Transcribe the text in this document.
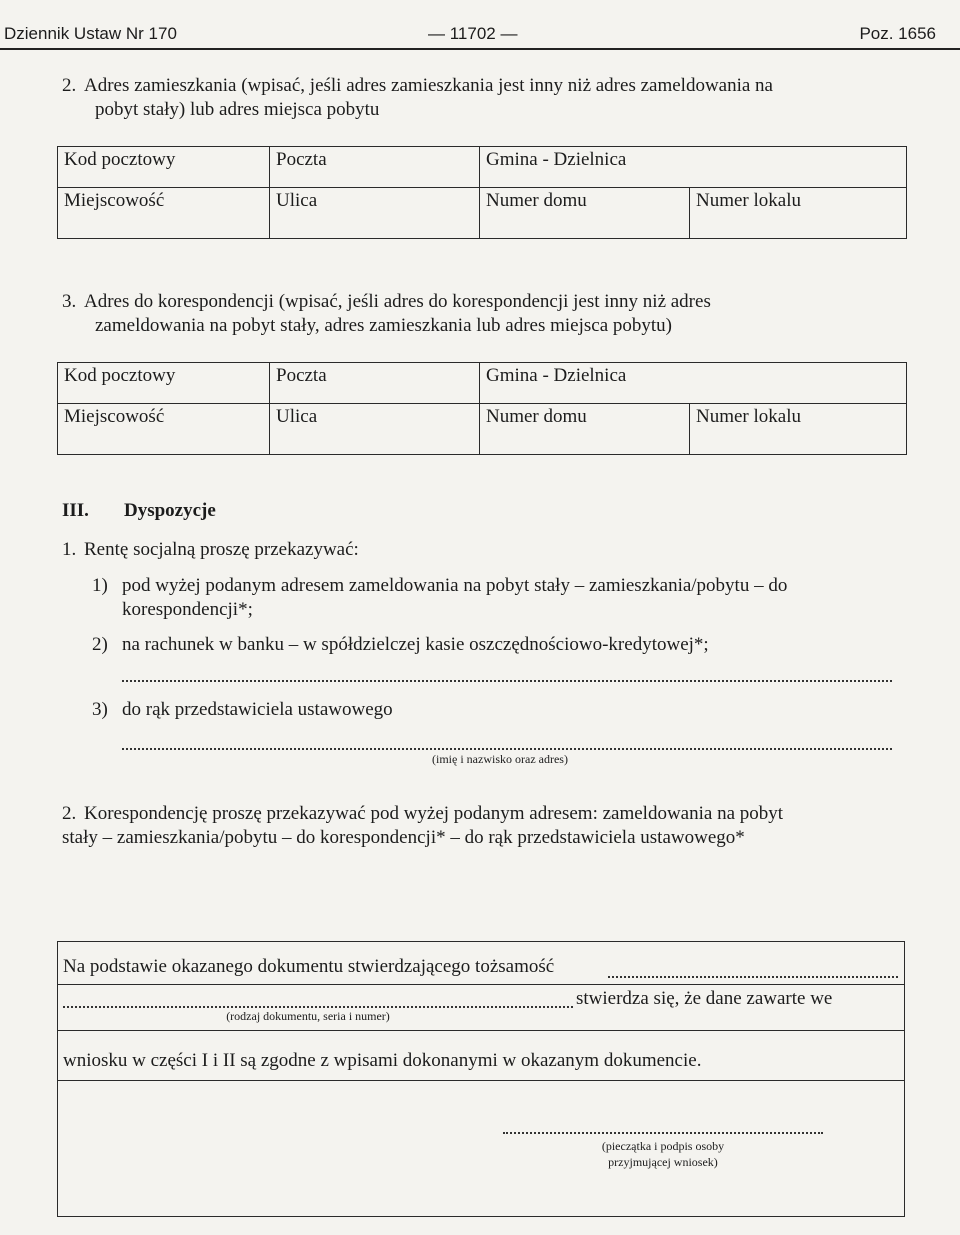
Dziennik Ustaw Nr 170	— 11702 —	Poz. 1656
2. Adres zamieszkania (wpisać, jeśli adres zamieszkania jest inny niż adres zameldowania na
pobyt stały) lub adres miejsca pobytu
Kod pocztowy	Poczta	Gmina - Dzielnica	
Miejscowość	Ulica	Numer domu	Numer lokalu
3. Adres do korespondencji (wpisać, jeśli adres do korespondencji jest inny niż adres
zameldowania na pobyt stały, adres zamieszkania lub adres miejsca pobytu)
Kod pocztowy	Poczta	Gmina - Dzielnica	
Miejscowość	Ulica	Numer domu	Numer lokalu
III. Dyspozycje
1. Rentę socjalną proszę przekazywać:
1) pod wyżej podanym adresem zameldowania na pobyt stały – zamieszkania/pobytu – do
korespondencji*;
2) na rachunek w banku – w spółdzielczej kasie oszczędnościowo-kredytowej*;
3) do rąk przedstawiciela ustawowego
(imię i nazwisko oraz adres)
2. Korespondencję proszę przekazywać pod wyżej podanym adresem: zameldowania na pobyt
stały – zamieszkania/pobytu – do korespondencji* – do rąk przedstawiciela ustawowego*
Na podstawie okazanego dokumentu stwierdzającego tożsamość
stwierdza się, że dane zawarte we
(rodzaj dokumentu, seria i numer)
wniosku w części I i II są zgodne z wpisami dokonanymi w okazanym dokumencie.
(pieczątka i podpis osoby
przyjmującej wniosek)
